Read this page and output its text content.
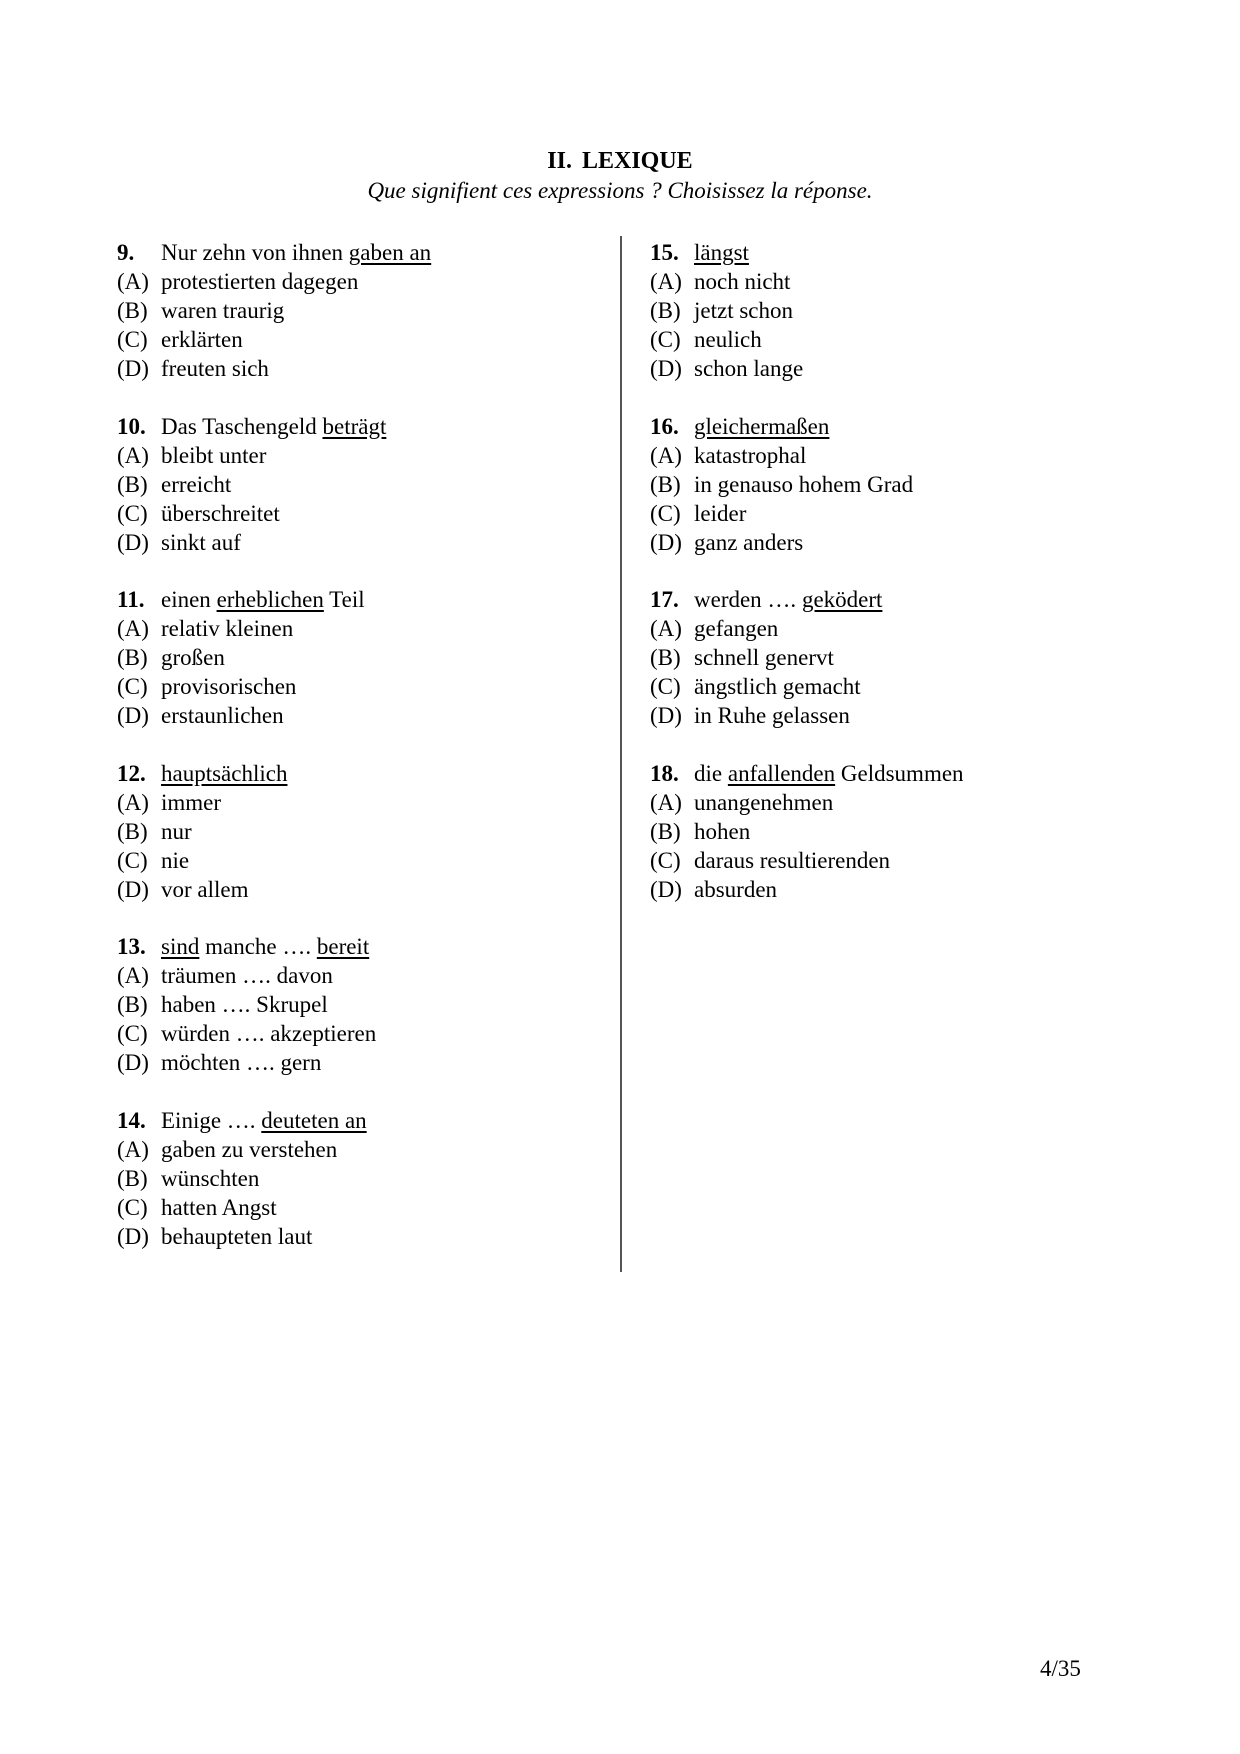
II. LEXIQUE
Que signifient ces expressions ? Choisissez la réponse.
9. Nur zehn von ihnen gaben an
(A) protestierten dagegen
(B) waren traurig
(C) erklärten
(D) freuten sich
10. Das Taschengeld beträgt
(A) bleibt unter
(B) erreicht
(C) überschreitet
(D) sinkt auf
11. einen erheblichen Teil
(A) relativ kleinen
(B) großen
(C) provisorischen
(D) erstaunlichen
12. hauptsächlich
(A) immer
(B) nur
(C) nie
(D) vor allem
13. sind manche …. bereit
(A) träumen …. davon
(B) haben …. Skrupel
(C) würden …. akzeptieren
(D) möchten …. gern
14. Einige …. deuteten an
(A) gaben zu verstehen
(B) wünschten
(C) hatten Angst
(D) behaupteten laut
15. längst
(A) noch nicht
(B) jetzt schon
(C) neulich
(D) schon lange
16. gleichermaßen
(A) katastrophal
(B) in genauso hohem Grad
(C) leider
(D) ganz anders
17. werden …. geködert
(A) gefangen
(B) schnell genervt
(C) ängstlich gemacht
(D) in Ruhe gelassen
18. die anfallenden Geldsummen
(A) unangenehmen
(B) hohen
(C) daraus resultierenden
(D) absurden
4/35
